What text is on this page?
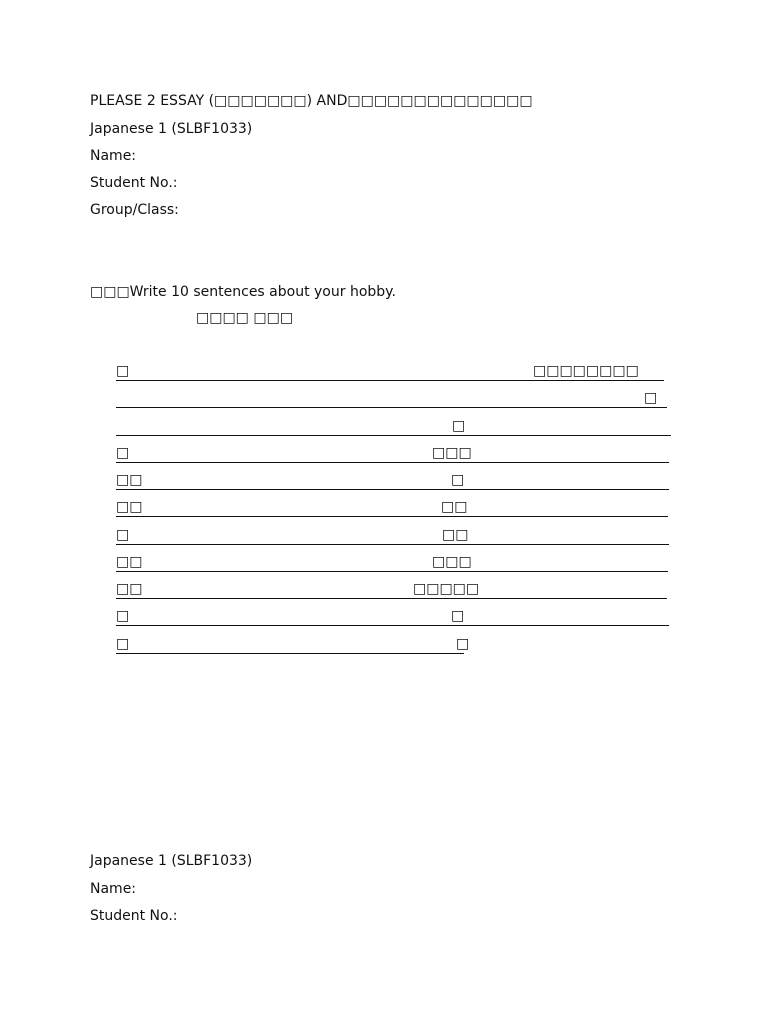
PLEASE 2 ESSAY (□□□□□□□) AND□□□□□□□□□□□□□□
Japanese 1 (SLBF1033)
Name:
Student No.:
Group/Class:
□□□Write 10 sentences about your hobby.
□□□□ □□□
□	□□□□□□□□
□
□
□	□□□
□□	□
□□	□□
□	□□
□□	□□□
□□	□□□□□
□	□
□	□
Japanese 1 (SLBF1033)
Name:
Student No.:
